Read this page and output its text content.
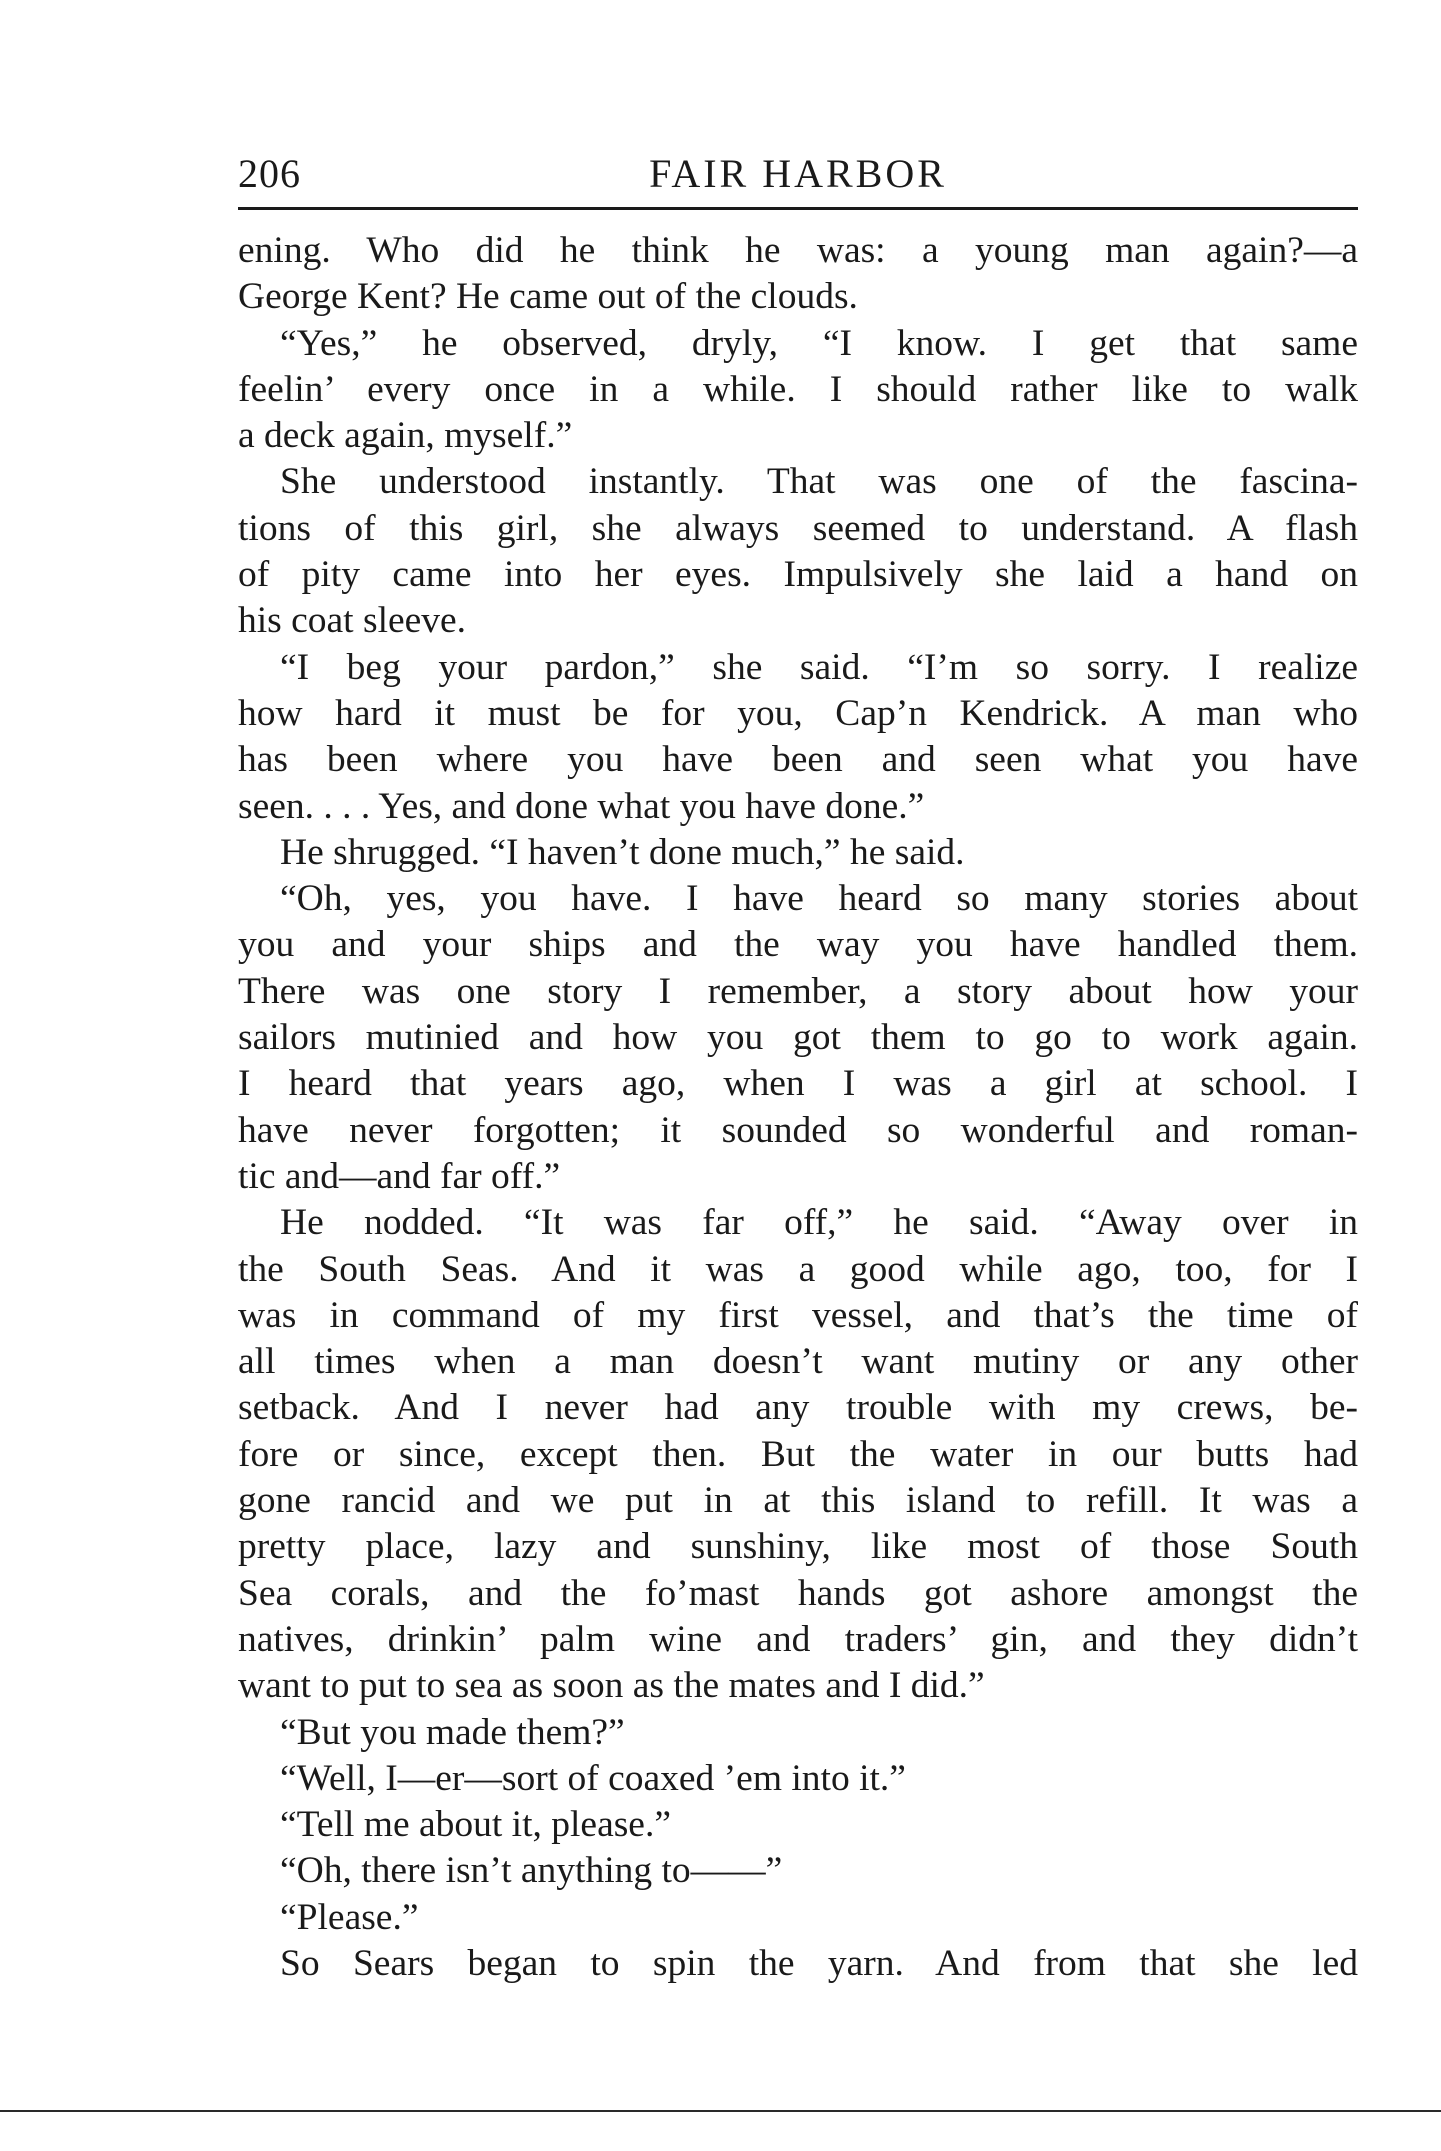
206	FAIR HARBOR
ening. Who did he think he was: a young man again?—a
George Kent? He came out of the clouds.
“Yes,” he observed, dryly, “I know. I get that same
feelin’ every once in a while. I should rather like to walk
a deck again, myself.”
She understood instantly. That was one of the fascina-
tions of this girl, she always seemed to understand. A flash
of pity came into her eyes. Impulsively she laid a hand on
his coat sleeve.
“I beg your pardon,” she said. “I’m so sorry. I realize
how hard it must be for you, Cap’n Kendrick. A man who
has been where you have been and seen what you have
seen. . . . Yes, and done what you have done.”
He shrugged. “I haven’t done much,” he said.
“Oh, yes, you have. I have heard so many stories about
you and your ships and the way you have handled them.
There was one story I remember, a story about how your
sailors mutinied and how you got them to go to work again.
I heard that years ago, when I was a girl at school. I
have never forgotten; it sounded so wonderful and roman-
tic and—and far off.”
He nodded. “It was far off,” he said. “Away over in
the South Seas. And it was a good while ago, too, for I
was in command of my first vessel, and that’s the time of
all times when a man doesn’t want mutiny or any other
setback. And I never had any trouble with my crews, be-
fore or since, except then. But the water in our butts had
gone rancid and we put in at this island to refill. It was a
pretty place, lazy and sunshiny, like most of those South
Sea corals, and the fo’mast hands got ashore amongst the
natives, drinkin’ palm wine and traders’ gin, and they didn’t
want to put to sea as soon as the mates and I did.”
“But you made them?”
“Well, I—er—sort of coaxed ’em into it.”
“Tell me about it, please.”
“Oh, there isn’t anything to——”
“Please.”
So Sears began to spin the yarn. And from that she led
